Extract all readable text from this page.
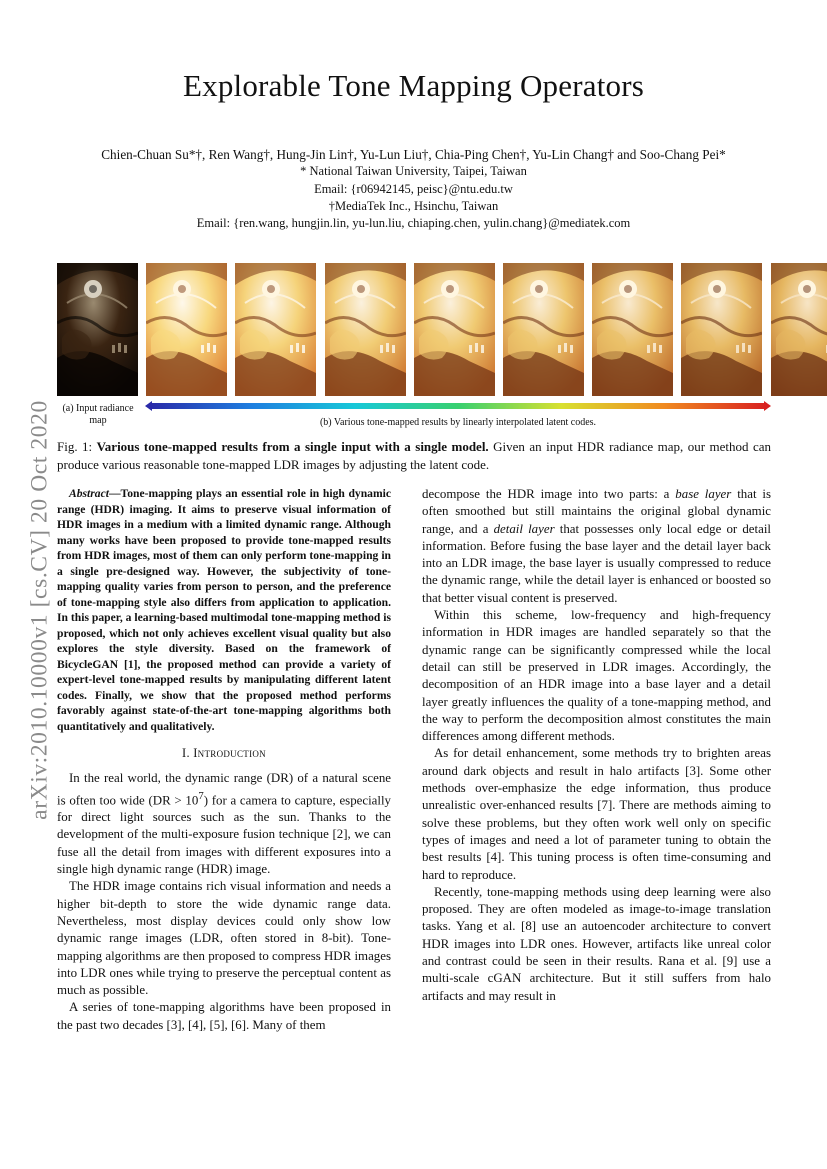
arXiv:2010.10000v1 [cs.CV] 20 Oct 2020
Explorable Tone Mapping Operators
Chien-Chuan Su*†, Ren Wang†, Hung-Jin Lin†, Yu-Lun Liu†, Chia-Ping Chen†, Yu-Lin Chang† and Soo-Chang Pei*
* National Taiwan University, Taipei, Taiwan
Email: {r06942145, peisc}@ntu.edu.tw
†MediaTek Inc., Hsinchu, Taiwan
Email: {ren.wang, hungjin.lin, yu-lun.liu, chiaping.chen, yulin.chang}@mediatek.com
(a) Input radiance map	(b) Various tone-mapped results by linearly interpolated latent codes.
Fig. 1: Various tone-mapped results from a single input with a single model. Given an input HDR radiance map, our method can produce various reasonable tone-mapped LDR images by adjusting the latent code.

Abstract—Tone-mapping plays an essential role in high dynamic range (HDR) imaging. It aims to preserve visual information of HDR images in a medium with a limited dynamic range. Although many works have been proposed to provide tone-mapped results from HDR images, most of them can only perform tone-mapping in a single pre-designed way. However, the subjectivity of tone-mapping quality varies from person to person, and the preference of tone-mapping style also differs from application to application. In this paper, a learning-based multimodal tone-mapping method is proposed, which not only achieves excellent visual quality but also explores the style diversity. Based on the framework of BicycleGAN [1], the proposed method can provide a variety of expert-level tone-mapped results by manipulating different latent codes. Finally, we show that the proposed method performs favorably against state-of-the-art tone-mapping algorithms both quantitatively and qualitatively.

I. Introduction

In the real world, the dynamic range (DR) of a natural scene is often too wide $(DR > 10^7)$ for a camera to capture, especially for direct light sources such as the sun. Thanks to the development of the multi-exposure fusion technique [2], we can fuse all the detail from images with different exposures into a single high dynamic range (HDR) image.

The HDR image contains rich visual information and needs a higher bit-depth to store the wide dynamic range data. Nevertheless, most display devices could only show low dynamic range images (LDR, often stored in 8-bit). Tone-mapping algorithms are then proposed to compress HDR images into LDR ones while trying to preserve the perceptual content as much as possible.

A series of tone-mapping algorithms have been proposed in the past two decades [3], [4], [5], [6]. Many of them

decompose the HDR image into two parts: a base layer that is often smoothed but still maintains the original global dynamic range, and a detail layer that possesses only local edge or detail information. Before fusing the base layer and the detail layer back into an LDR image, the base layer is usually compressed to reduce the dynamic range, while the detail layer is enhanced or boosted so that better visual content is preserved.

Within this scheme, low-frequency and high-frequency information in HDR images are handled separately so that the dynamic range can be significantly compressed while the local detail can still be preserved in LDR images. Accordingly, the decomposition of an HDR image into a base layer and a detail layer greatly influences the quality of a tone-mapping method, and the way to perform the decomposition almost constitutes the main differences among different methods.

As for detail enhancement, some methods try to brighten areas around dark objects and result in halo artifacts [3]. Some other methods over-emphasize the edge information, thus produce unrealistic over-enhanced results [7]. There are methods aiming to solve these problems, but they often work well only on specific types of images and need a lot of parameter tuning to obtain the best results [4]. This tuning process is often time-consuming and hard to reproduce.

Recently, tone-mapping methods using deep learning were also proposed. They are often modeled as image-to-image translation tasks. Yang et al. [8] use an autoencoder architecture to convert HDR images into LDR ones. However, artifacts like unreal color and contrast could be seen in their results. Rana et al. [9] use a multi-scale cGAN architecture. But it still suffers from halo artifacts and may result in
